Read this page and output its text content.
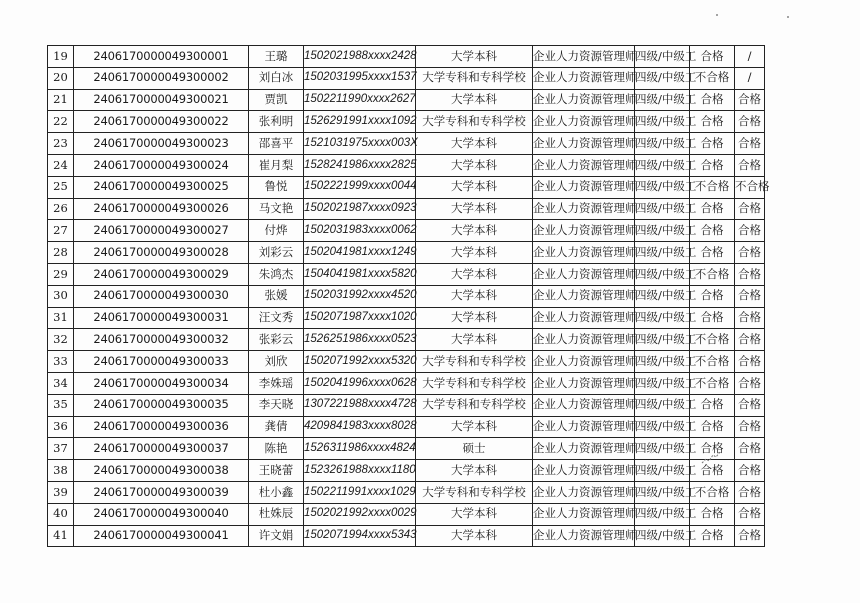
19	2406170000049300001	王璐	1502021988xxxx2428	大学本科	企业人力资源管理师	四级/中级工	合格	/
20	2406170000049300002	刘白冰	1502031995xxxx1537	大学专科和专科学校	企业人力资源管理师	四级/中级工	不合格	/
21	2406170000049300021	贾凯	1502211990xxxx2627	大学本科	企业人力资源管理师	四级/中级工	合格	合格
22	2406170000049300022	张利明	1526291991xxxx1092	大学专科和专科学校	企业人力资源管理师	四级/中级工	合格	合格
23	2406170000049300023	邵喜平	1521031975xxxx003X	大学本科	企业人力资源管理师	四级/中级工	合格	合格
24	2406170000049300024	崔月梨	1528241986xxxx2825	大学本科	企业人力资源管理师	四级/中级工	合格	合格
25	2406170000049300025	鲁悦	1502221999xxxx0044	大学本科	企业人力资源管理师	四级/中级工	不合格	不合格
26	2406170000049300026	马文艳	1502021987xxxx0923	大学本科	企业人力资源管理师	四级/中级工	合格	合格
27	2406170000049300027	付烨	1502031983xxxx0062	大学本科	企业人力资源管理师	四级/中级工	合格	合格
28	2406170000049300028	刘彩云	1502041981xxxx1249	大学本科	企业人力资源管理师	四级/中级工	合格	合格
29	2406170000049300029	朱鸿杰	1504041981xxxx5820	大学本科	企业人力资源管理师	四级/中级工	不合格	合格
30	2406170000049300030	张媛	1502031992xxxx4520	大学本科	企业人力资源管理师	四级/中级工	合格	合格
31	2406170000049300031	汪文秀	1502071987xxxx1020	大学本科	企业人力资源管理师	四级/中级工	合格	合格
32	2406170000049300032	张彩云	1526251986xxxx0523	大学本科	企业人力资源管理师	四级/中级工	不合格	合格
33	2406170000049300033	刘欣	1502071992xxxx5320	大学专科和专科学校	企业人力资源管理师	四级/中级工	不合格	合格
34	2406170000049300034	李姝瑶	1502041996xxxx0628	大学专科和专科学校	企业人力资源管理师	四级/中级工	不合格	合格
35	2406170000049300035	李天晓	1307221988xxxx4728	大学专科和专科学校	企业人力资源管理师	四级/中级工	合格	合格
36	2406170000049300036	龚倩	4209841983xxxx8028	大学本科	企业人力资源管理师	四级/中级工	合格	合格
37	2406170000049300037	陈艳	1526311986xxxx4824	硕士	企业人力资源管理师	四级/中级工	合格	合格
38	2406170000049300038	王晓蕾	1523261988xxxx1180	大学本科	企业人力资源管理师	四级/中级工	合格	合格
39	2406170000049300039	杜小鑫	1502211991xxxx1029	大学专科和专科学校	企业人力资源管理师	四级/中级工	不合格	合格
40	2406170000049300040	杜姝辰	1502021992xxxx0029	大学本科	企业人力资源管理师	四级/中级工	合格	合格
41	2406170000049300041	许文娟	1502071994xxxx5343	大学本科	企业人力资源管理师	四级/中级工	合格	合格
